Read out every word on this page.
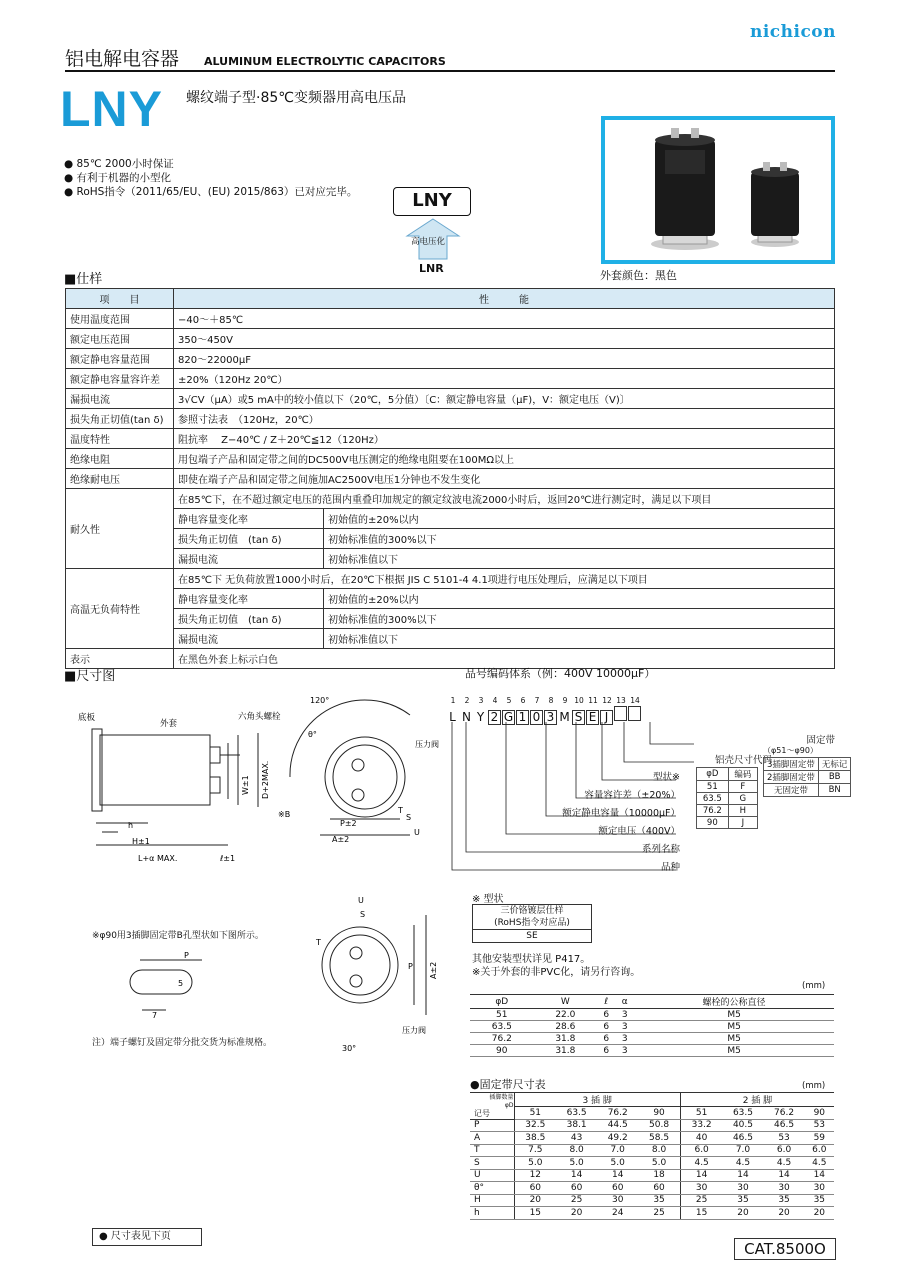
nichicon
铝电解电容器 ALUMINUM ELECTROLYTIC CAPACITORS
LNY 螺纹端子型·85℃变频器用高电压品
● 85℃ 2000小时保证
● 有利于机器的小型化
● RoHS指令（2011/65/EU、(EU) 2015/863）已对应完毕。	LNY
高电压化
LNR
外套颜色：黑色
■仕样
项　　目	性　　　能	
使用温度范围	−40～＋85℃	
额定电压范围	350～450V	
额定静电容量范围	820～22000μF	
额定静电容量容许差	±20%（120Hz 20℃）	
漏损电流	3√CV（μA）或5 mA中的较小值以下（20℃，5分值）〔C：额定静电容量（μF)，V：额定电压（V)〕	
损失角正切值(tan δ)	参照寸法表　（120Hz，20℃）	
温度特性	阻抗率　 Z−40℃ / Z＋20℃≦12（120Hz）	
绝缘电阻	用包端子产品和固定带之间的DC500V电压测定的绝缘电阻要在100MΩ以上	
绝缘耐电压	即使在端子产品和固定带之间施加AC2500V电压1分钟也不发生变化	
耐久性	在85℃下，在不超过额定电压的范围内重叠印加规定的额定纹波电流2000小时后，返回20℃进行测定时，满足以下项目	
	静电容量变化率	初始值的±20%以内
	损失角正切值　(tan δ)	初始标准值的300%以下
	漏损电流	初始标准值以下
高温无负荷特性	在85℃下 无负荷放置1000小时后，在20℃下根据 JIS C 5101-4 4.1项进行电压处理后，应满足以下项目	
	静电容量变化率	初始值的±20%以内
	损失角正切值　(tan δ)	初始标准值的300%以下
	漏损电流	初始标准值以下
表示	在黑色外套上标示白色	
■尺寸图
底板
外套
六角头螺栓
h
H±1
L+α MAX.	ℓ±1
W±1 D+2MAX.
120°
θ°
压力阀
※B
P±2
A±2
S
T
U
※φ90用3插脚固定带B孔型状如下图所示。
P
5
7
U
S
T
P A±2
压力阀
30°
注）端子螺钉及固定带分批交货为标准规格。
品号编码体系（例：400V 10000μF）
1 2 3 4 5 6 7 8 9 10 11 12 13 14
L N Y 2 G 1 0 3 M S E J
固定带
铝壳尺寸代码
型状※
容量容许差（±20%）
额定静电容量（10000μF）
额定电压（400V）
系列名称
品种
（φ51～φ90）
3插脚固定带	无标记
2插脚固定带	BB
无固定带	BN
φD	编码
51	F
63.5	G
76.2	H
90	J
※ 型状
三价铬镀层仕样
(RoHS指令对应品)
SE
其他安装型状详见 P417。
※关于外套的非PVC化，请另行咨询。
(mm)
φD	W	ℓ	α	螺栓的公称直径
51	22.0	6	3	M5
63.5	28.6	6	3	M5
76.2	31.8	6	3	M5
90	31.8	6	3	M5
●固定带尺寸表	(mm)
插脚数量
φD
记号	3 插 脚				2 插 脚			
	51	63.5	76.2	90	51	63.5	76.2	90
P	32.5	38.1	44.5	50.8	33.2	40.5	46.5	53
A	38.5	43	49.2	58.5	40	46.5	53	59
T	7.5	8.0	7.0	8.0	6.0	7.0	6.0	6.0
S	5.0	5.0	5.0	5.0	4.5	4.5	4.5	4.5
U	12	14	14	18	14	14	14	14
θ°	60	60	60	60	30	30	30	30
H	20	25	30	35	25	35	35	35
h	15	20	24	25	15	20	20	20
● 尺寸表见下页
CAT.8500O
